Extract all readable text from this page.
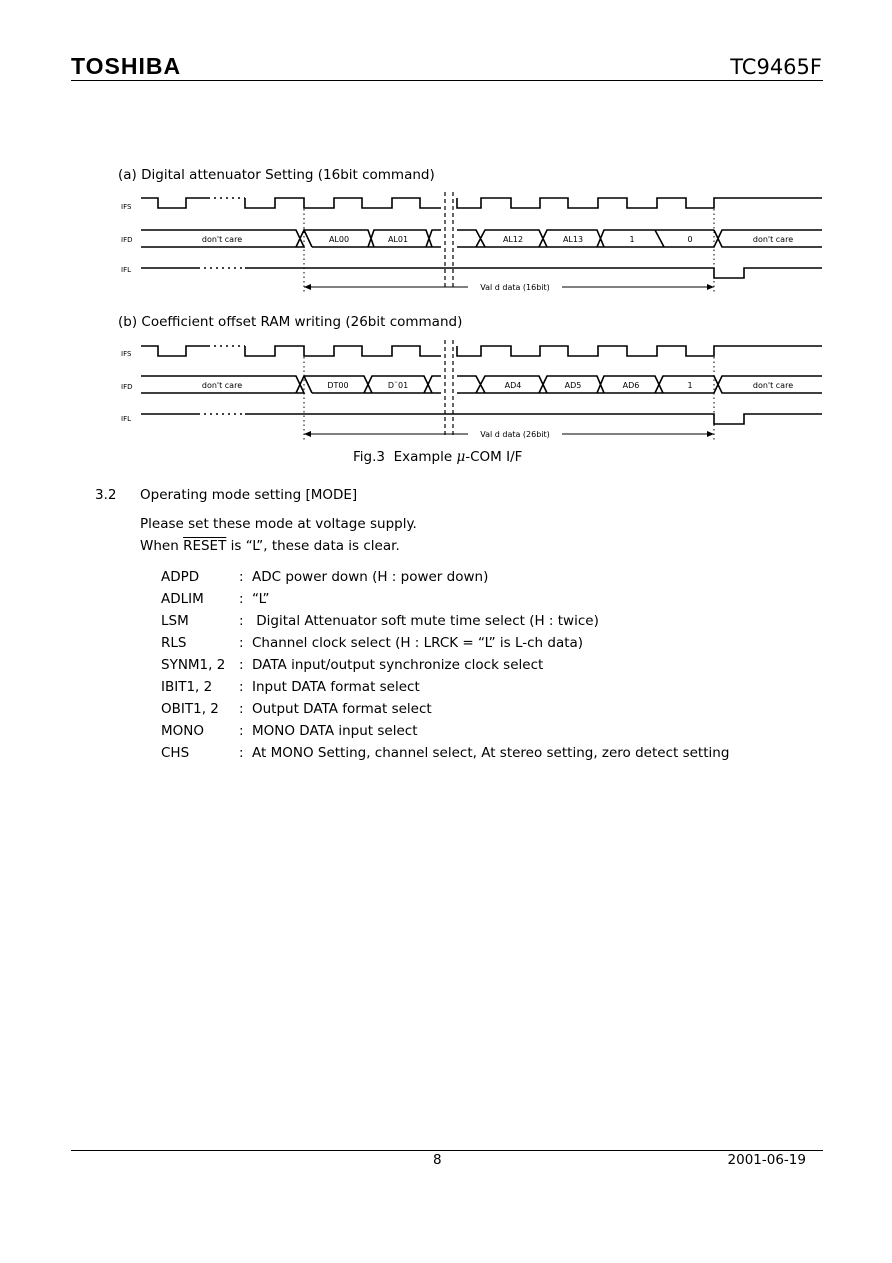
TOSHIBA	TC9465F
(a) Digital attenuator Setting (16bit command)
IFS
IFD
IFL
don't care	AL00	AL01	AL12	AL13	1	0	don't care
Val d data (16bit)
(b) Coefficient offset RAM writing (26bit command)
IFS
IFD
IFL
don't care	DT00	D¨01	AD4	AD5	AD6	1	don't care
Val d data (26bit)
Fig.3  Example μ-COM I/F
3.2 Operating mode setting [MODE]
Please set these mode at voltage supply.
When RESET is “L”, these data is clear.
ADPD	:	ADC power down (H : power down)
ADLIM	:	“L”
LSM	:	Digital Attenuator soft mute time select (H : twice)
RLS	:	Channel clock select (H : LRCK = “L” is L-ch data)
SYNM1, 2	:	DATA input/output synchronize clock select
IBIT1, 2	:	Input DATA format select
OBIT1, 2	:	Output DATA format select
MONO	:	MONO DATA input select
CHS	:	At MONO Setting, channel select, At stereo setting, zero detect setting
8	2001-06-19
